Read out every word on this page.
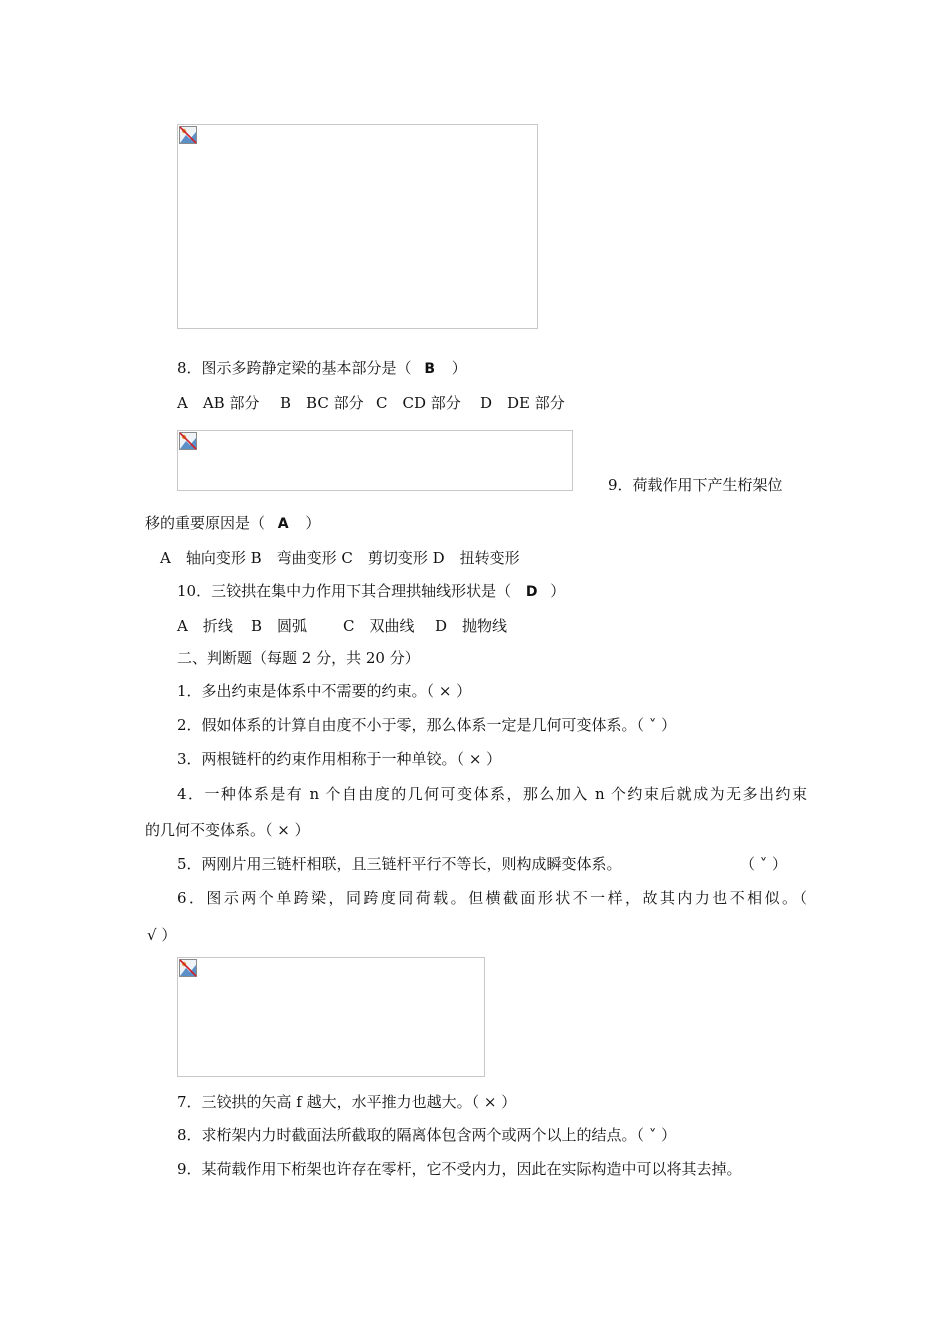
8．图示多跨静定梁的基本部分是（ B ）
A　AB 部分 B　BC 部分 C　CD 部分 D　DE 部分
9．荷载作用下产生桁架位
移的重要原因是（ A ）
A　轴向变形 B　弯曲变形 C　剪切变形 D　扭转变形
10．三铰拱在集中力作用下其合理拱轴线形状是（ D ）
A　折线 B　圆弧 C　双曲线 D　抛物线
二、判断题（每题 2 分，共 20 分）
1．多出约束是体系中不需要的约束。（ × ）
2．假如体系的计算自由度不小于零，那么体系一定是几何可变体系。（ ˅ ）
3．两根链杆的约束作用相称于一种单铰。（ × ）
4．一种体系是有 n 个自由度的几何可变体系，那么加入 n 个约束后就成为无多出约束
的几何不变体系。（ × ）
5．两刚片用三链杆相联，且三链杆平行不等长，则构成瞬变体系。	（ ˅ ）
6．图示两个单跨梁，同跨度同荷载。但横截面形状不一样，故其内力也不相似。（
√ ）
7．三铰拱的矢高 f 越大，水平推力也越大。（ × ）
8．求桁架内力时截面法所截取的隔离体包含两个或两个以上的结点。（ ˅ ）
9．某荷载作用下桁架也许存在零杆，它不受内力，因此在实际构造中可以将其去掉。
